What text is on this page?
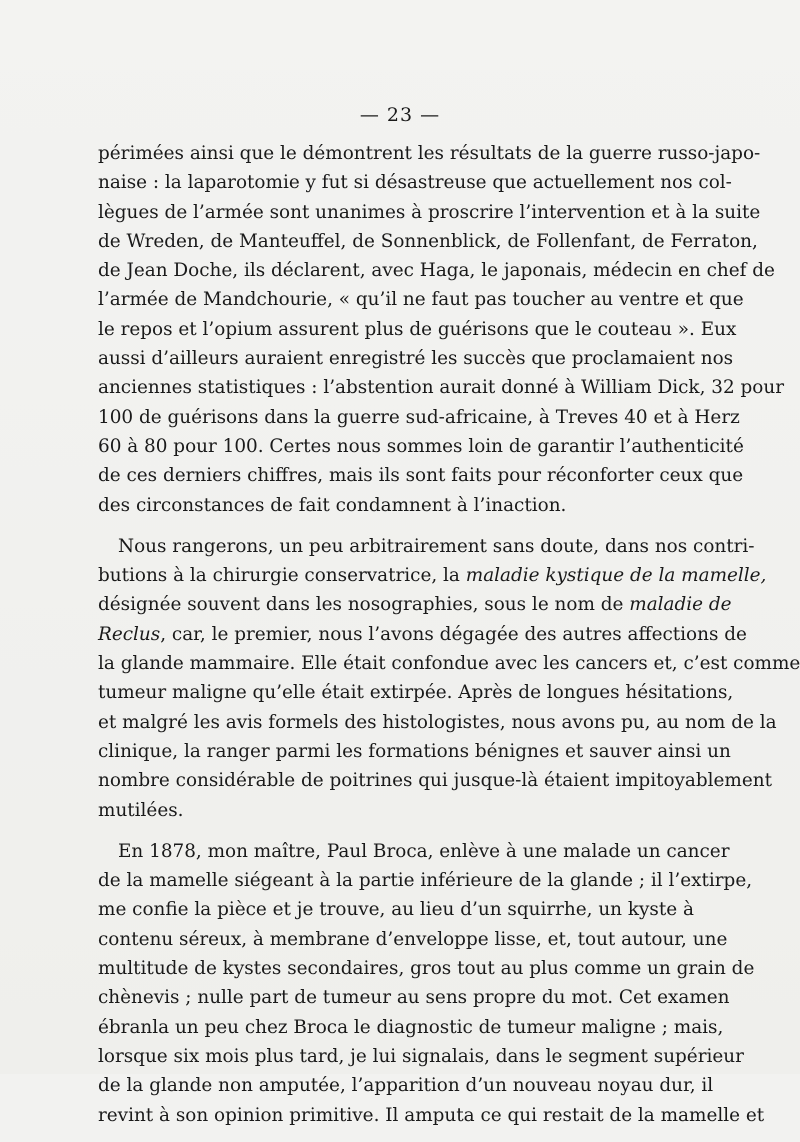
— 23 —
périmées ainsi que le démontrent les résultats de la guerre russo-japo-
naise : la laparotomie y fut si désastreuse que actuellement nos col-
lègues de l’armée sont unanimes à proscrire l’intervention et à la suite
de Wreden, de Manteuffel, de Sonnenblick, de Follenfant, de Ferraton,
de Jean Doche, ils déclarent, avec Haga, le japonais, médecin en chef de
l’armée de Mandchourie, « qu’il ne faut pas toucher au ventre et que
le repos et l’opium assurent plus de guérisons que le couteau ». Eux
aussi d’ailleurs auraient enregistré les succès que proclamaient nos
anciennes statistiques : l’abstention aurait donné à William Dick, 32 pour
100 de guérisons dans la guerre sud-africaine, à Treves 40 et à Herz
60 à 80 pour 100. Certes nous sommes loin de garantir l’authenticité
de ces derniers chiffres, mais ils sont faits pour réconforter ceux que
des circonstances de fait condamnent à l’inaction.
Nous rangerons, un peu arbitrairement sans doute, dans nos contri-
butions à la chirurgie conservatrice, la maladie kystique de la mamelle,
désignée souvent dans les nosographies, sous le nom de maladie de
Reclus, car, le premier, nous l’avons dégagée des autres affections de
la glande mammaire. Elle était confondue avec les cancers et, c’est comme
tumeur maligne qu’elle était extirpée. Après de longues hésitations,
et malgré les avis formels des histologistes, nous avons pu, au nom de la
clinique, la ranger parmi les formations bénignes et sauver ainsi un
nombre considérable de poitrines qui jusque-là étaient impitoyablement
mutilées.
En 1878, mon maître, Paul Broca, enlève à une malade un cancer
de la mamelle siégeant à la partie inférieure de la glande ; il l’extirpe,
me confie la pièce et je trouve, au lieu d’un squirrhe, un kyste à
contenu séreux, à membrane d’enveloppe lisse, et, tout autour, une
multitude de kystes secondaires, gros tout au plus comme un grain de
chènevis ; nulle part de tumeur au sens propre du mot. Cet examen
ébranla un peu chez Broca le diagnostic de tumeur maligne ; mais,
lorsque six mois plus tard, je lui signalais, dans le segment supérieur
de la glande non amputée, l’apparition d’un nouveau noyau dur, il
revint à son opinion primitive. Il amputa ce qui restait de la mamelle et
